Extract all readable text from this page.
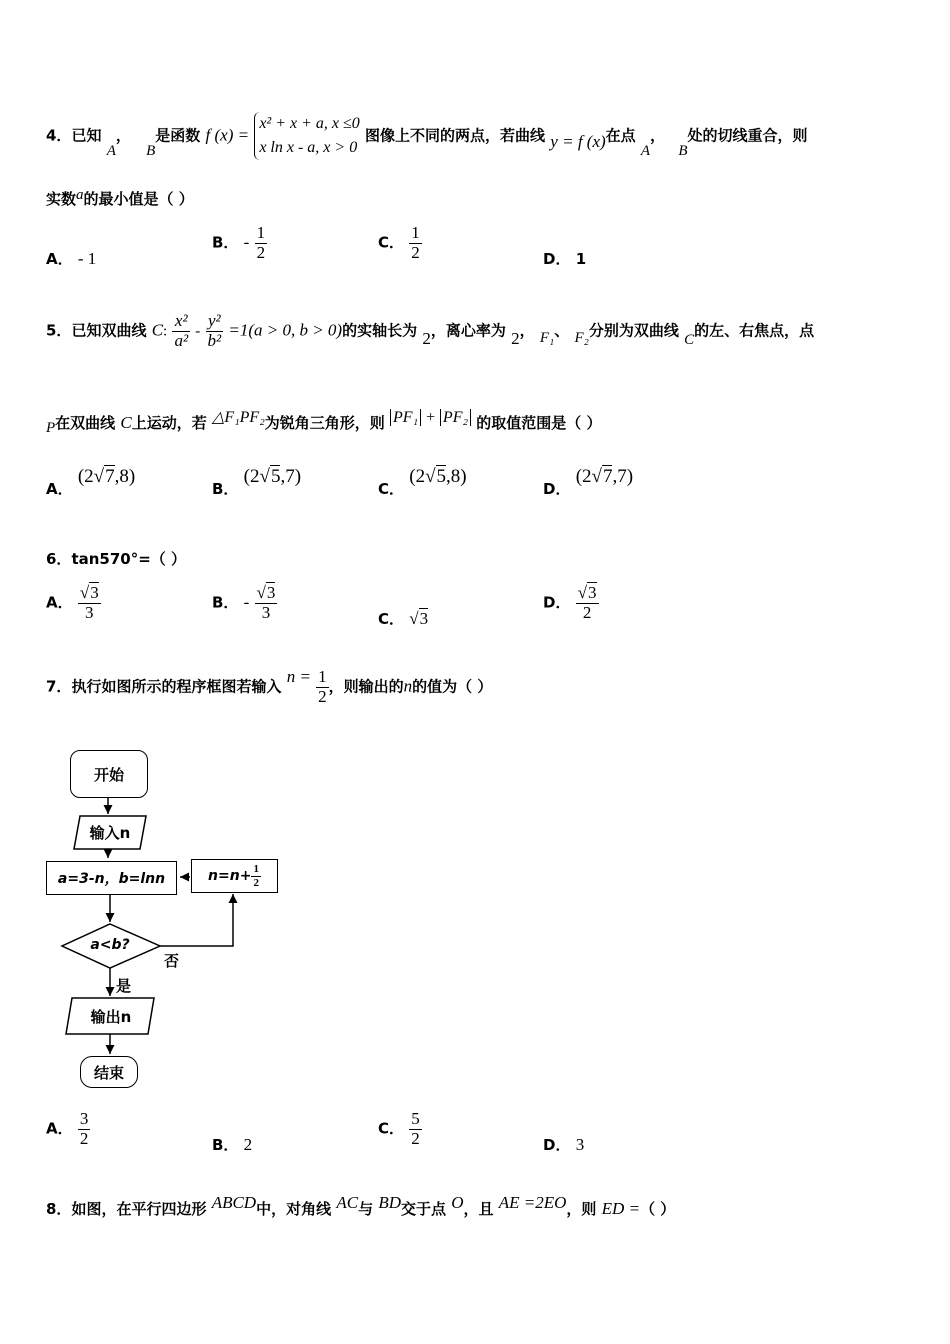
4．已知 A， B是函数 f (x) =
x² + x + a, x ≤0
x ln x - a, x > 0
图像上不同的两点，若曲线 y = f (x)在点 A， B处的切线重合，则
实数a的最小值是（ ）
A． - 1
B． - $\frac{1}{2}$	C． $\frac{1}{2}$	D． 1
5．已知双曲线 C: $\frac{\text{x²}}{\text{a²}} - \frac{\text{y²}}{\text{b²}} =1(a > 0$, b > 0)的实轴长为 2，离心率为 2， F₁、 F₂分别为双曲线 C的左、右焦点，点
P在双曲线 C上运动，若 △F₁PF₂为锐角三角形，则 PF₁ + PF₂ 的取值范围是（ ）
A． (2√7,8)
B． (2√5,7)
C． (2√5,8)
D． (2√7,7)
6．tan570°=（ ）
A． $\frac{√3}{3}$	B． - $\frac{√3}{3}$	C． √3
D． $\frac{√3}{2}$
7．执行如图所示的程序框图若输入 $n = \frac{1}{2}$ ，则输出的n的值为（ ）
开始
输入n
a=3-n，b=lnn	$n=n+ \frac{1}{2}$
a<b?
否
是
输出n
结束
A． $\frac{3}{2}$	B． 2
C． $\frac{5}{2}$	D． 3
8．如图，在平行四边形 ABCD中，对角线 AC与 BD交于点 O，且 AE =2EO，则 ED =（ ）
